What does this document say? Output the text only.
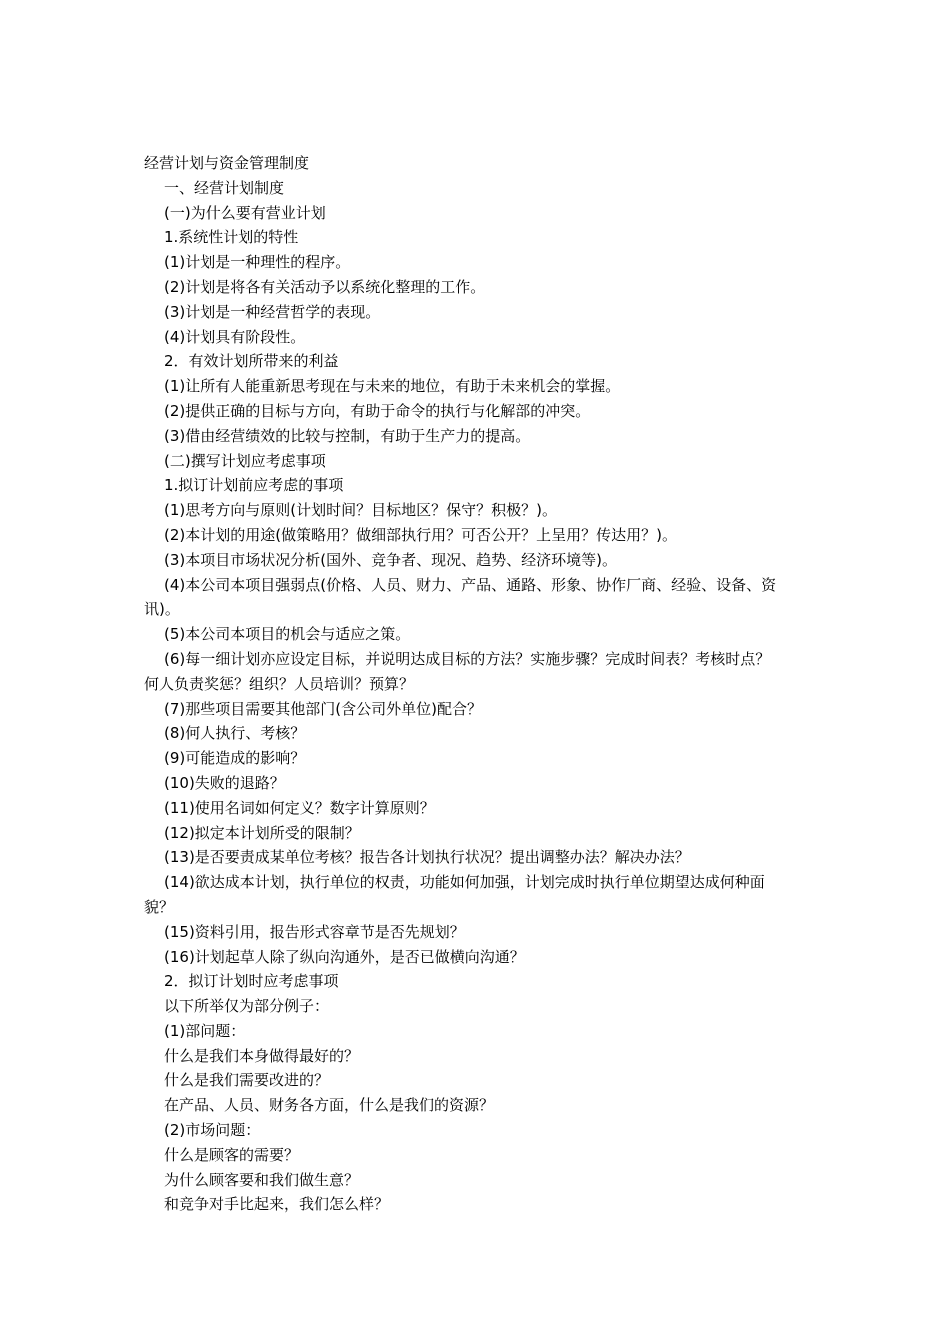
经营计划与资金管理制度

一、经营计划制度

(一)为什么要有营业计划

1.系统性计划的特性

(1)计划是一种理性的程序。

(2)计划是将各有关活动予以系统化整理的工作。

(3)计划是一种经营哲学的表现。

(4)计划具有阶段性。

2．有效计划所带来的利益

(1)让所有人能重新思考现在与未来的地位，有助于未来机会的掌握。

(2)提供正确的目标与方向，有助于命令的执行与化解部的冲突。

(3)借由经营绩效的比较与控制，有助于生产力的提高。

(二)撰写计划应考虑事项

1.拟订计划前应考虑的事项

(1)思考方向与原则(计划时间？目标地区？保守？积极？)。

(2)本计划的用途(做策略用？做细部执行用？可否公开？上呈用？传达用？)。

(3)本项目市场状况分析(国外、竞争者、现况、趋势、经济环境等)。

(4)本公司本项目强弱点(价格、人员、财力、产品、通路、形象、协作厂商、经验、设备、资讯)。

(5)本公司本项目的机会与适应之策。

(6)每一细计划亦应设定目标，并说明达成目标的方法？实施步骤？完成时间表？考核时点？何人负责奖惩？组织？人员培训？预算？

(7)那些项目需要其他部门(含公司外单位)配合？

(8)何人执行、考核？

(9)可能造成的影响？

(10)失败的退路？

(11)使用名词如何定义？数字计算原则？

(12)拟定本计划所受的限制？

(13)是否要责成某单位考核？报告各计划执行状况？提出调整办法？解决办法？

(14)欲达成本计划，执行单位的权责，功能如何加强，计划完成时执行单位期望达成何种面貌？

(15)资料引用，报告形式容章节是否先规划？

(16)计划起草人除了纵向沟通外，是否已做横向沟通？

2．拟订计划时应考虑事项

以下所举仅为部分例子：

(1)部问题：

什么是我们本身做得最好的？

什么是我们需要改进的？

在产品、人员、财务各方面，什么是我们的资源？

(2)市场问题：

什么是顾客的需要？

为什么顾客要和我们做生意？

和竞争对手比起来，我们怎么样？
